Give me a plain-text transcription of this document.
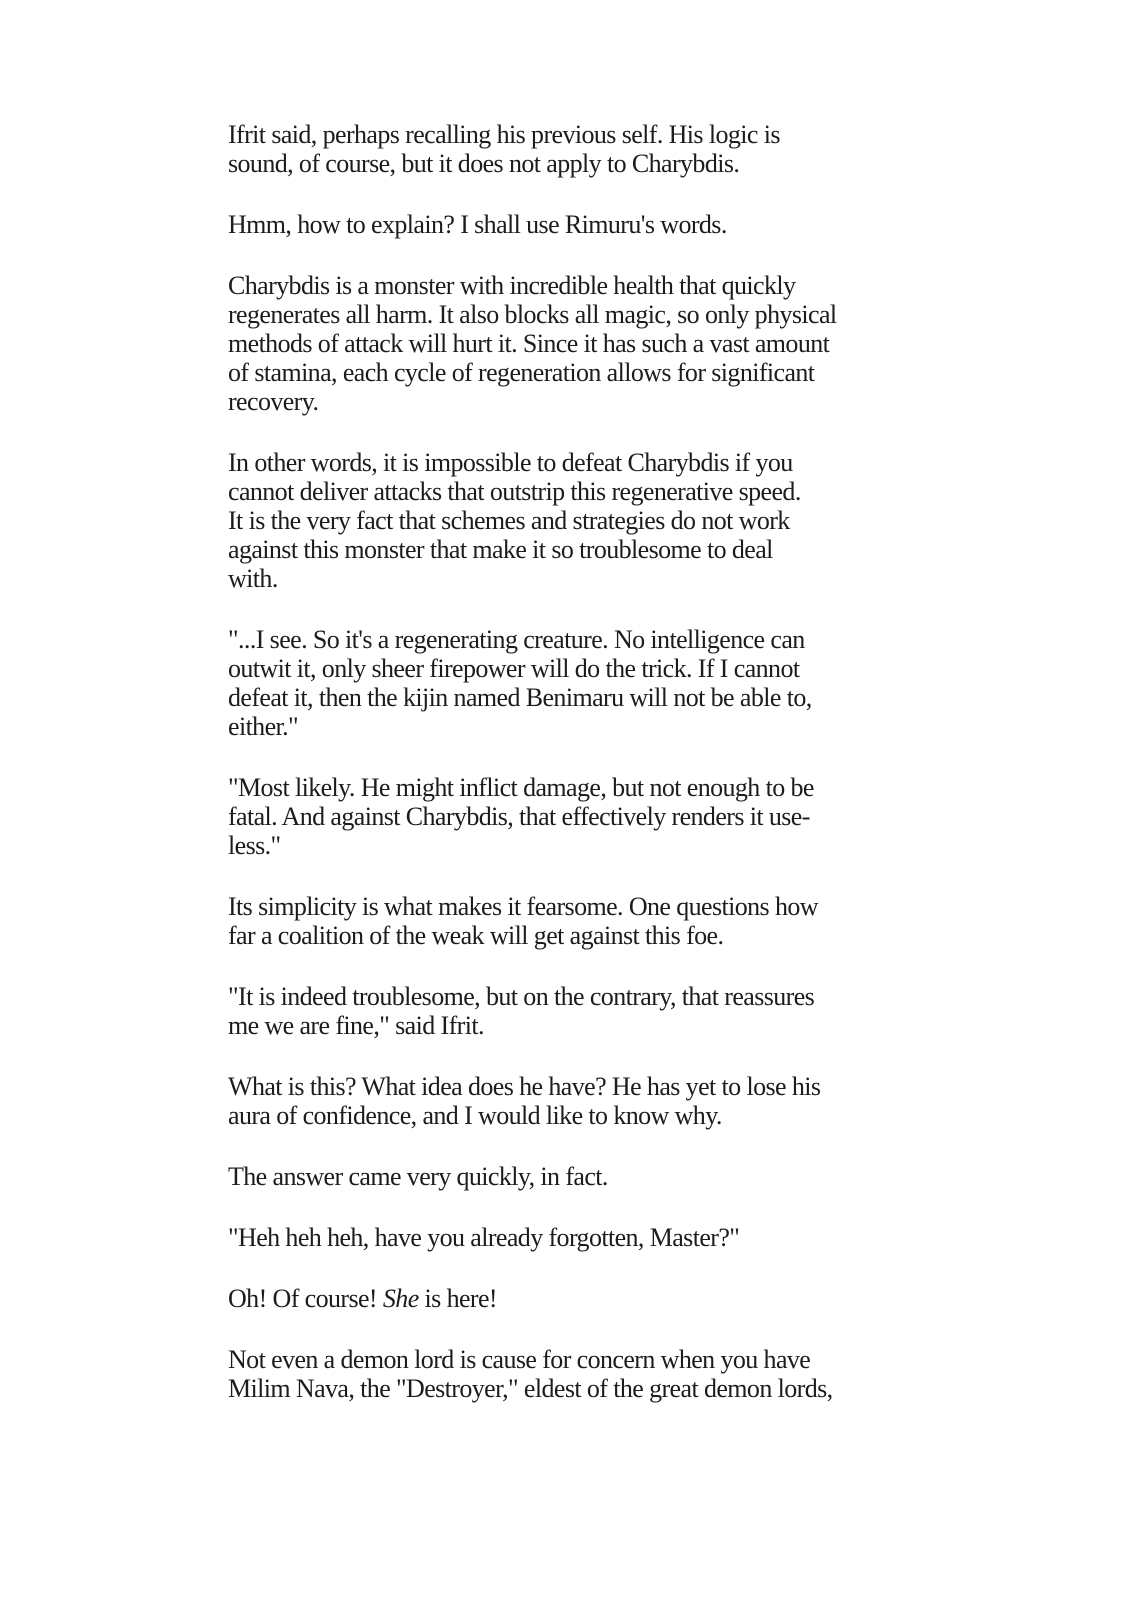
Ifrit said, perhaps recalling his previous self. His logic is
sound, of course, but it does not apply to Charybdis.

Hmm, how to explain? I shall use Rimuru's words.

Charybdis is a monster with incredible health that quickly
regenerates all harm. It also blocks all magic, so only physical
methods of attack will hurt it. Since it has such a vast amount
of stamina, each cycle of regeneration allows for significant
recovery.

In other words, it is impossible to defeat Charybdis if you
cannot deliver attacks that outstrip this regenerative speed.
It is the very fact that schemes and strategies do not work
against this monster that make it so troublesome to deal
with.

"...I see. So it's a regenerating creature. No intelligence can
outwit it, only sheer firepower will do the trick. If I cannot
defeat it, then the kijin named Benimaru will not be able to,
either."

"Most likely. He might inflict damage, but not enough to be
fatal. And against Charybdis, that effectively renders it use-
less."

Its simplicity is what makes it fearsome. One questions how
far a coalition of the weak will get against this foe.

"It is indeed troublesome, but on the contrary, that reassures
me we are fine," said Ifrit.

What is this? What idea does he have? He has yet to lose his
aura of confidence, and I would like to know why.

The answer came very quickly, in fact.

"Heh heh heh, have you already forgotten, Master?"

Oh! Of course! She is here!

Not even a demon lord is cause for concern when you have
Milim Nava, the "Destroyer," eldest of the great demon lords,
